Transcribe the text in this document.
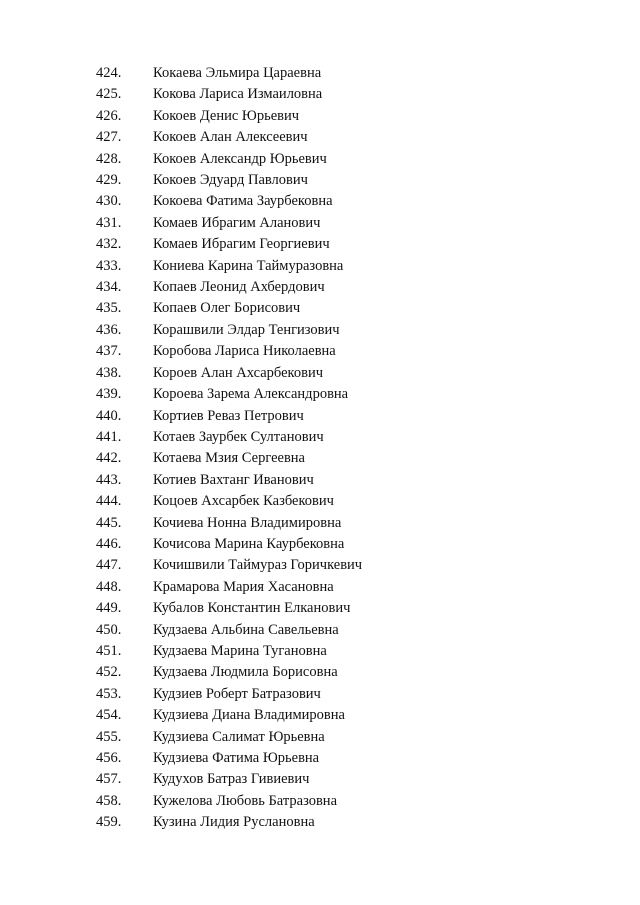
424. Кокаева Эльмира Цараевна
425. Кокова Лариса Измаиловна
426. Кокоев Денис Юрьевич
427. Кокоев Алан Алексеевич
428. Кокоев Александр Юрьевич
429. Кокоев Эдуард Павлович
430. Кокоева Фатима Заурбековна
431. Комаев Ибрагим Аланович
432. Комаев Ибрагим Георгиевич
433. Кониева Карина Таймуразовна
434. Копаев Леонид Ахбердович
435. Копаев Олег Борисович
436. Корашвили Элдар Тенгизович
437. Коробова Лариса Николаевна
438. Короев Алан Ахсарбекович
439. Короева Зарема Александровна
440. Кортиев Реваз Петрович
441. Котаев Заурбек Султанович
442. Котаева Мзия Сергеевна
443. Котиев Вахтанг Иванович
444. Коцоев Ахсарбек Казбекович
445. Кочиева Нонна Владимировна
446. Кочисова Марина Каурбековна
447. Кочишвили Таймураз Горичкевич
448. Крамарова Мария Хасановна
449. Кубалов Константин Елканович
450. Кудзаева Альбина Савельевна
451. Кудзаева Марина Тугановна
452. Кудзаева Людмила Борисовна
453. Кудзиев Роберт Батразович
454. Кудзиева Диана Владимировна
455. Кудзиева Салимат Юрьевна
456. Кудзиева Фатима Юрьевна
457. Кудухов Батраз Гивиевич
458. Кужелова Любовь Батразовна
459. Кузина Лидия Руслановна
